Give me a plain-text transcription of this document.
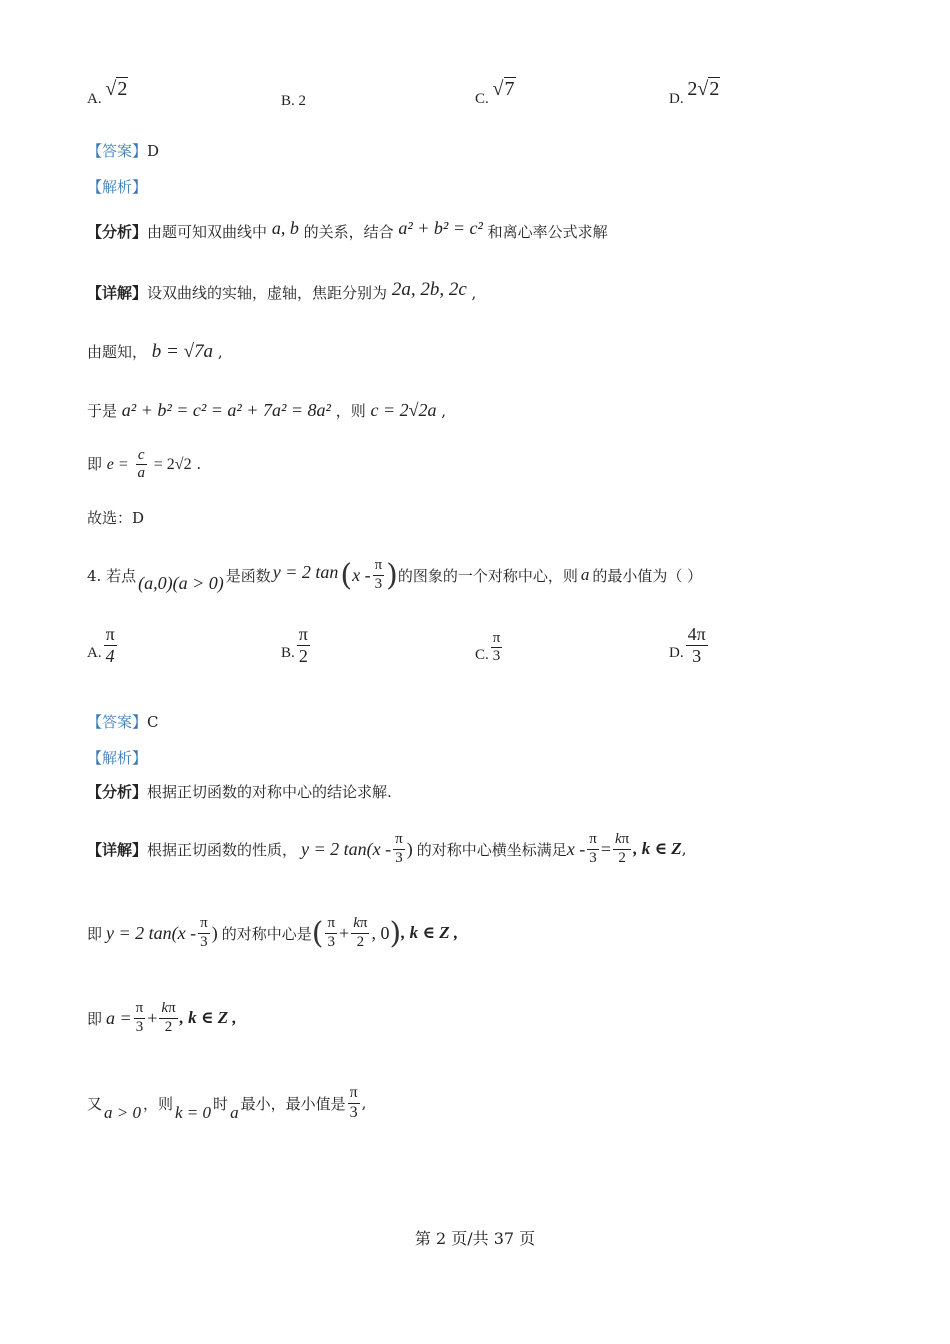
A. √2
B. 2	C. √7	D. 2√2
【答案】D
【解析】
【分析】由题可知双曲线中 a, b 的关系，结合 a² + b² = c² 和离心率公式求解
【详解】设双曲线的实轴，虚轴，焦距分别为 2a, 2b, 2c ,
由题知， b = √7a ,
于是 a² + b² = c² = a² + 7a² = 8a² ，则 c = 2√2a ,
即 $e = \frac{c}{a} = 2√2$ .
故选：D
4. 若点 (a,0)(a > 0) 是函数 y = 2 tan ( x - $\frac{\pi}{3}$ ) 的图象的一个对称中心，则 a 的最小值为（ ）
A. $\frac{\pi}{4}$	B. $\frac{\pi}{2}$	C. $\frac{\pi}{3}$	D. $\frac{4\pi}{3}$
【答案】C
【解析】
【分析】根据正切函数的对称中心的结论求解.
【详解】 根据正切函数的性质， y = 2 $\tan(x - \frac{\pi}{3}$ ) 的对称中心横坐标满足 $x - \frac{\pi}{3} = \frac{k\pi}{2}$ , k ∈ Z ,
即 y = 2 $\tan(x - \frac{\pi}{3}$ ) 的对称中心是 ( $\frac{\pi}{3} + \frac{k\pi}{2}$ , 0 ) , k ∈ Z ,
即 $a = \frac{\pi}{3} + \frac{k\pi}{2}$ , k ∈ Z ,
又 a > 0 ，则 k = 0 时 a 最小，最小值是 $\frac{\pi}{3}$ ,
第 2 页/共 37 页
